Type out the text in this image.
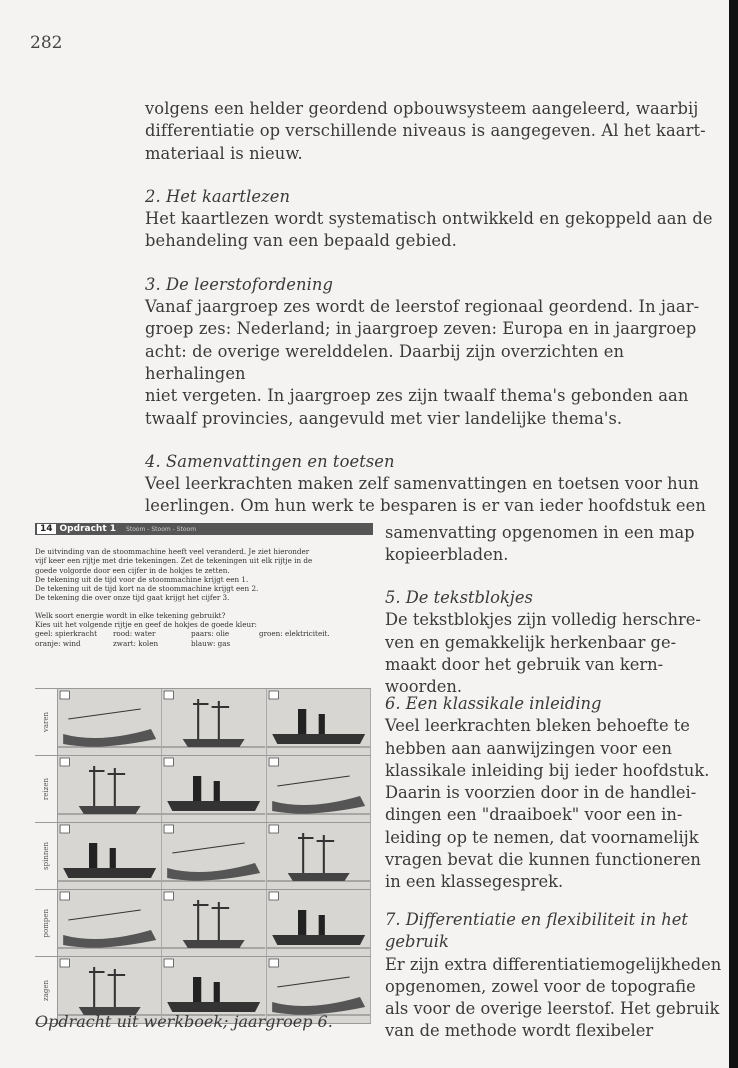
282

volgens een helder geordend opbouwsysteem aangeleerd, waarbij

differentiatie op verschillende niveaus is aangegeven. Al het kaart-

materiaal is nieuw.

2. Het kaartlezen

Het kaartlezen wordt systematisch ontwikkeld en gekoppeld aan de

behandeling van een bepaald gebied.

3. De leerstofordening

Vanaf jaargroep zes wordt de leerstof regionaal geordend. In jaar-

groep zes: Nederland; in jaargroep zeven: Europa en in jaargroep

acht: de overige werelddelen. Daarbij zijn overzichten en herhalingen

niet vergeten. In jaargroep zes zijn twaalf thema's gebonden aan

twaalf provincies, aangevuld met vier landelijke thema's.

4. Samenvattingen en toetsen

Veel leerkrachten maken zelf samenvattingen en toetsen voor hun

leerlingen. Om hun werk te besparen is er van ieder hoofdstuk een

samenvatting opgenomen in een map

kopieerbladen.

5. De tekstblokjes

De tekstblokjes zijn volledig herschre-

ven en gemakkelijk herkenbaar ge-

maakt door het gebruik van kern-

woorden.

6. Een klassikale inleiding

Veel leerkrachten bleken behoefte te

hebben aan aanwijzingen voor een

klassikale inleiding bij ieder hoofdstuk.

Daarin is voorzien door in de handlei-

dingen een "draaiboek" voor een in-

leiding op te nemen, dat voornamelijk

vragen bevat die kunnen functioneren

in een klassegesprek.

7. Differentiatie en flexibiliteit in het

gebruik

Er zijn extra differentiatiemogelijkheden

opgenomen, zowel voor de topografie

als voor de overige leerstof. Het gebruik

van de methode wordt flexibeler

14 Opdracht 1 Stoom - Stoom - Stoom
De uitvinding van de stoommachine heeft veel veranderd. Je ziet hieronder
vijf keer een rijtje met drie tekeningen. Zet de tekeningen uit elk rijtje in de
goede volgorde door een cijfer in de hokjes te zetten.
De tekening uit de tijd voor de stoommachine krijgt een 1.
De tekening uit de tijd kort na de stoommachine krijgt een 2.
De tekening die over onze tijd gaat krijgt het cijfer 3.
Welk soort energie wordt in elke tekening gebruikt?
Kies uit het volgende rijtje en geef de hokjes de goede kleur:
geel: spierkracht	rood: water	paars: olie	groen: elektriciteit.
oranje: wind	zwart: kolen	blauw: gas
varen
reizen
spinnen
pompen
zagen
Opdracht uit werkboek; jaargroep 6.
